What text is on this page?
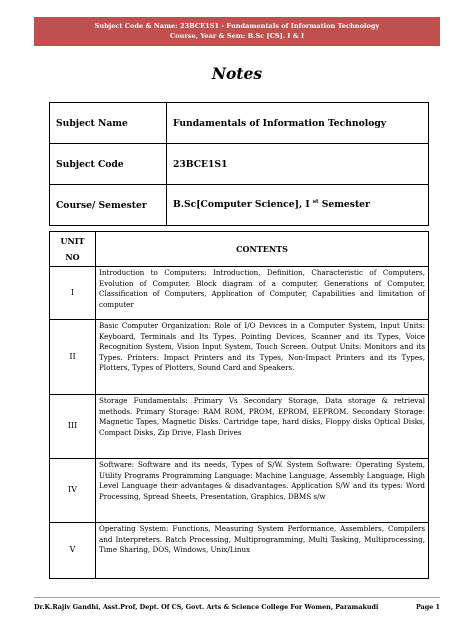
Subject Code & Name: 23BCE1S1 - Fundamentals of Information Technology
Course, Year & Sem: B.Sc [CS]. I & I
Notes
Subject Name	Fundamentals of Information Technology
Subject Code	23BCE1S1
Course/ Semester	B.Sc[Computer Science], I $^{st}$ Semester
UNIT
NO	CONTENTS
I	Introduction to Computers: Introduction, Definition, Characteristic of Computers, Evolution of Computer, Block diagram of a computer, Generations of Computer, Classification of Computers, Application of Computer, Capabilities and limitation of computer
II	Basic Computer Organization: Role of I/O Devices in a Computer System, Input Units: Keyboard, Terminals and Its Types. Pointing Devices, Scanner and its Types, Voice Recognition System, Vision Input System, Touch Screen. Output Units: Monitors and its Types. Printers: Impact Printers and its Types, Non-Impact Printers and its Types, Plotters, Types of Plotters, Sound Card and Speakers.
III	Storage Fundamentals: Primary Vs Secondary Storage, Data storage & retrieval methods. Primary Storage: RAM ROM, PROM, EPROM, EEPROM. Secondary Storage: Magnetic Tapes, Magnetic Disks. Cartridge tape, hard disks, Floppy disks Optical Disks, Compact Disks, Zip Drive, Flash Drives
IV	Software: Software and its needs, Types of S/W. System Software: Operating System, Utility Programs Programming Language: Machine Language, Assembly Language, High Level Language their advantages & disadvantages. Application S/W and its types: Word Processing, Spread Sheets, Presentation, Graphics, DBMS s/w
V	Operating System: Functions, Measuring System Performance, Assemblers, Compilers and Interpreters. Batch Processing, Multiprogramming, Multi Tasking, Multiprocessing, Time Sharing, DOS, Windows, Unix/Linux
Dr.K.Rajiv Gandhi, Asst.Prof, Dept. Of CS, Govt. Arts & Science College For Women, Paramakudi	Page 1
